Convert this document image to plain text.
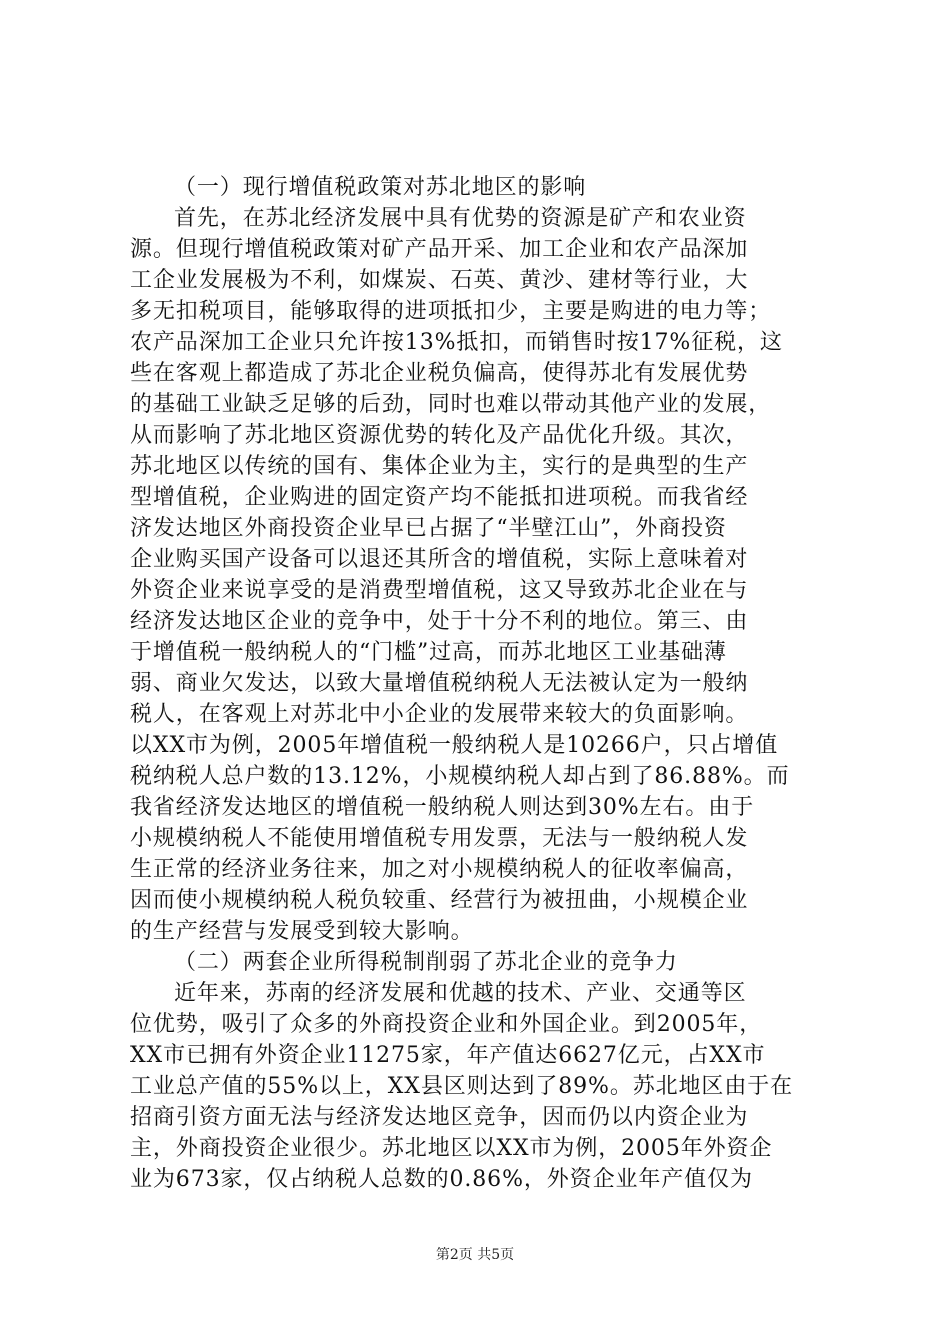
（一）现行增值税政策对苏北地区的影响
首先，在苏北经济发展中具有优势的资源是矿产和农业资
源。但现行增值税政策对矿产品开采、加工企业和农产品深加
工企业发展极为不利，如煤炭、石英、黄沙、建材等行业，大
多无扣税项目，能够取得的进项抵扣少，主要是购进的电力等；
农产品深加工企业只允许按13%抵扣，而销售时按17%征税，这
些在客观上都造成了苏北企业税负偏高，使得苏北有发展优势
的基础工业缺乏足够的后劲，同时也难以带动其他产业的发展，
从而影响了苏北地区资源优势的转化及产品优化升级。其次，
苏北地区以传统的国有、集体企业为主，实行的是典型的生产
型增值税，企业购进的固定资产均不能抵扣进项税。而我省经
济发达地区外商投资企业早已占据了“半壁江山”，外商投资
企业购买国产设备可以退还其所含的增值税，实际上意味着对
外资企业来说享受的是消费型增值税，这又导致苏北企业在与
经济发达地区企业的竞争中，处于十分不利的地位。第三、由
于增值税一般纳税人的“门槛”过高，而苏北地区工业基础薄
弱、商业欠发达，以致大量增值税纳税人无法被认定为一般纳
税人，在客观上对苏北中小企业的发展带来较大的负面影响。
以XX市为例，2005年增值税一般纳税人是10266户，只占增值
税纳税人总户数的13.12%，小规模纳税人却占到了86.88%。而
我省经济发达地区的增值税一般纳税人则达到30%左右。由于
小规模纳税人不能使用增值税专用发票，无法与一般纳税人发
生正常的经济业务往来，加之对小规模纳税人的征收率偏高，
因而使小规模纳税人税负较重、经营行为被扭曲，小规模企业
的生产经营与发展受到较大影响。
（二）两套企业所得税制削弱了苏北企业的竞争力
近年来，苏南的经济发展和优越的技术、产业、交通等区
位优势，吸引了众多的外商投资企业和外国企业。到2005年，
XX市已拥有外资企业11275家，年产值达6627亿元，占XX市
工业总产值的55%以上，XX县区则达到了89%。苏北地区由于在
招商引资方面无法与经济发达地区竞争，因而仍以内资企业为
主，外商投资企业很少。苏北地区以XX市为例，2005年外资企
业为673家，仅占纳税人总数的0.86%，外资企业年产值仅为
第2页 共5页
